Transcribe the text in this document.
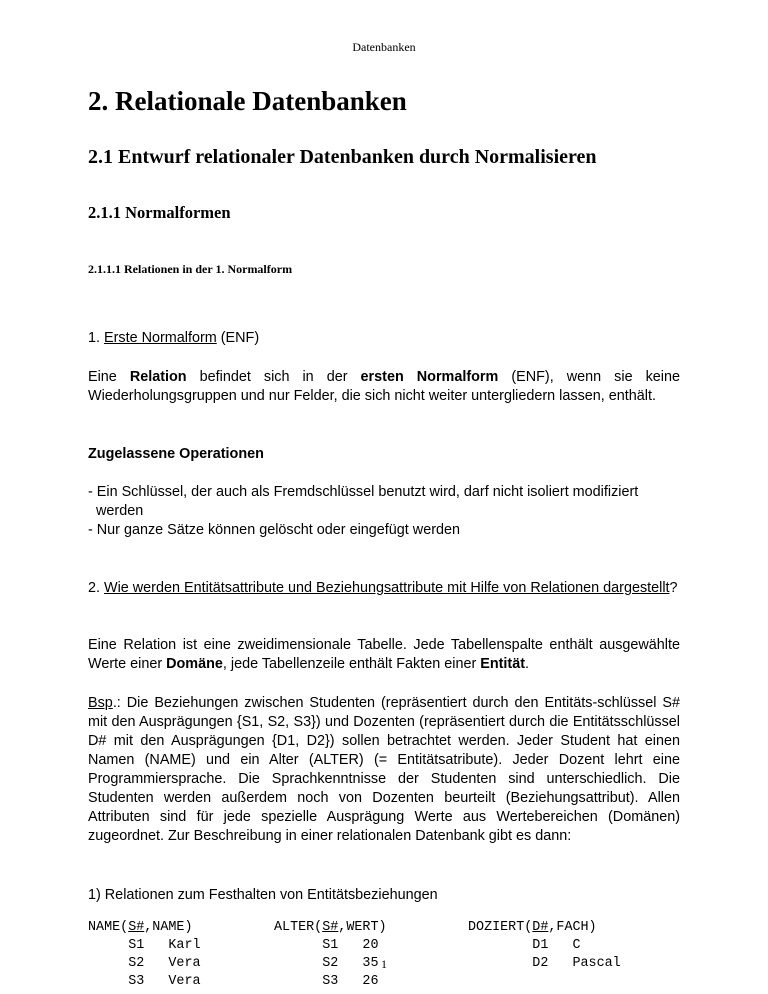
Datenbanken
2. Relationale Datenbanken
2.1 Entwurf relationaler Datenbanken durch Normalisieren
2.1.1 Normalformen
2.1.1.1 Relationen in der 1. Normalform

1. Erste Normalform (ENF)

Eine Relation befindet sich in der ersten Normalform (ENF), wenn sie keine Wiederholungsgruppen und nur Felder, die sich nicht weiter untergliedern lassen, enthält.

Zugelassene Operationen

- Ein Schlüssel, der auch als Fremdschlüssel benutzt wird, darf nicht isoliert modifiziert

werden

- Nur ganze Sätze können gelöscht oder eingefügt werden

2. Wie werden Entitätsattribute und Beziehungsattribute mit Hilfe von Relationen dargestellt?

Eine Relation ist eine zweidimensionale Tabelle. Jede Tabellenspalte enthält ausgewählte Werte einer Domäne, jede Tabellenzeile enthält Fakten einer Entität.

Bsp.: Die Beziehungen zwischen Studenten (repräsentiert durch den Entitäts-schlüssel S# mit den Ausprägungen {S1, S2, S3}) und Dozenten (repräsentiert durch die Entitätsschlüssel D# mit den Ausprägungen {D1, D2}) sollen betrachtet werden. Jeder Student hat einen Namen (NAME) und ein Alter (ALTER) (= Entitätsatribute). Jeder Dozent lehrt eine Programmiersprache. Die Sprachkenntnisse der Studenten sind unterschiedlich. Die Studenten werden außerdem noch von Dozenten beurteilt (Beziehungsattribut). Allen Attributen sind für jede spezielle Ausprägung Werte aus Wertebereichen (Domänen) zugeordnet. Zur Beschreibung in einer relationalen Datenbank gibt es dann:

1) Relationen zum Festhalten von Entitätsbeziehungen

NAME(S#,NAME)
S1 Karl
S2 Vera
S3 Vera
ALTER(S#,WERT)
S1 20
S2 35
S3 26
DOZIERT(D#,FACH)
D1 C
D2 Pascal
1
